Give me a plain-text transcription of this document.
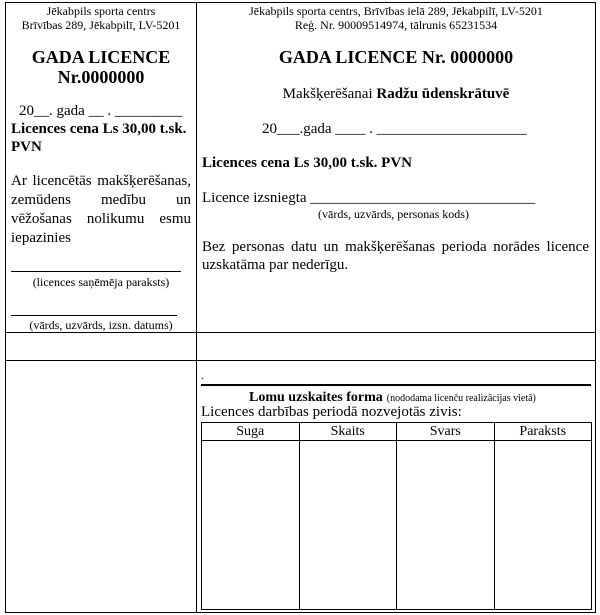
Jēkabpils sporta centrs
Brīvības 289, Jēkabpilī, LV-5201
GADA LICENCE
Nr.0000000
20__. gada __ . _________
Licences cena Ls 30,00 t.sk.
PVN
Ar licencētās makšķerēšanas,
zemūdens medību un
vēžošanas nolikumu esmu
iepazinies
(licences saņēmēja paraksts)
(vārds, uzvārds, izsn. datums)
Jēkabpils sporta centrs, Brīvības ielā 289, Jēkabpilī, LV-5201
Reģ. Nr. 90009514974, tālrunis 65231534
GADA LICENCE Nr. 0000000
Makšķerēšanai Radžu ūdenskrātuvē
20___.gada ____ . ____________________
Licences cena Ls 30,00 t.sk. PVN
Licence izsniegta ______________________________
(vārds, uzvārds, personas kods)
Bez personas datu un makšķerēšanas perioda norādes licence
uzskatāma par nederīgu.
.
Lomu uzskaites forma (nododama licenču realizācijas vietā)
Licences darbības periodā nozvejotās zivis:
Suga	Skaits	Svars	Paraksts
